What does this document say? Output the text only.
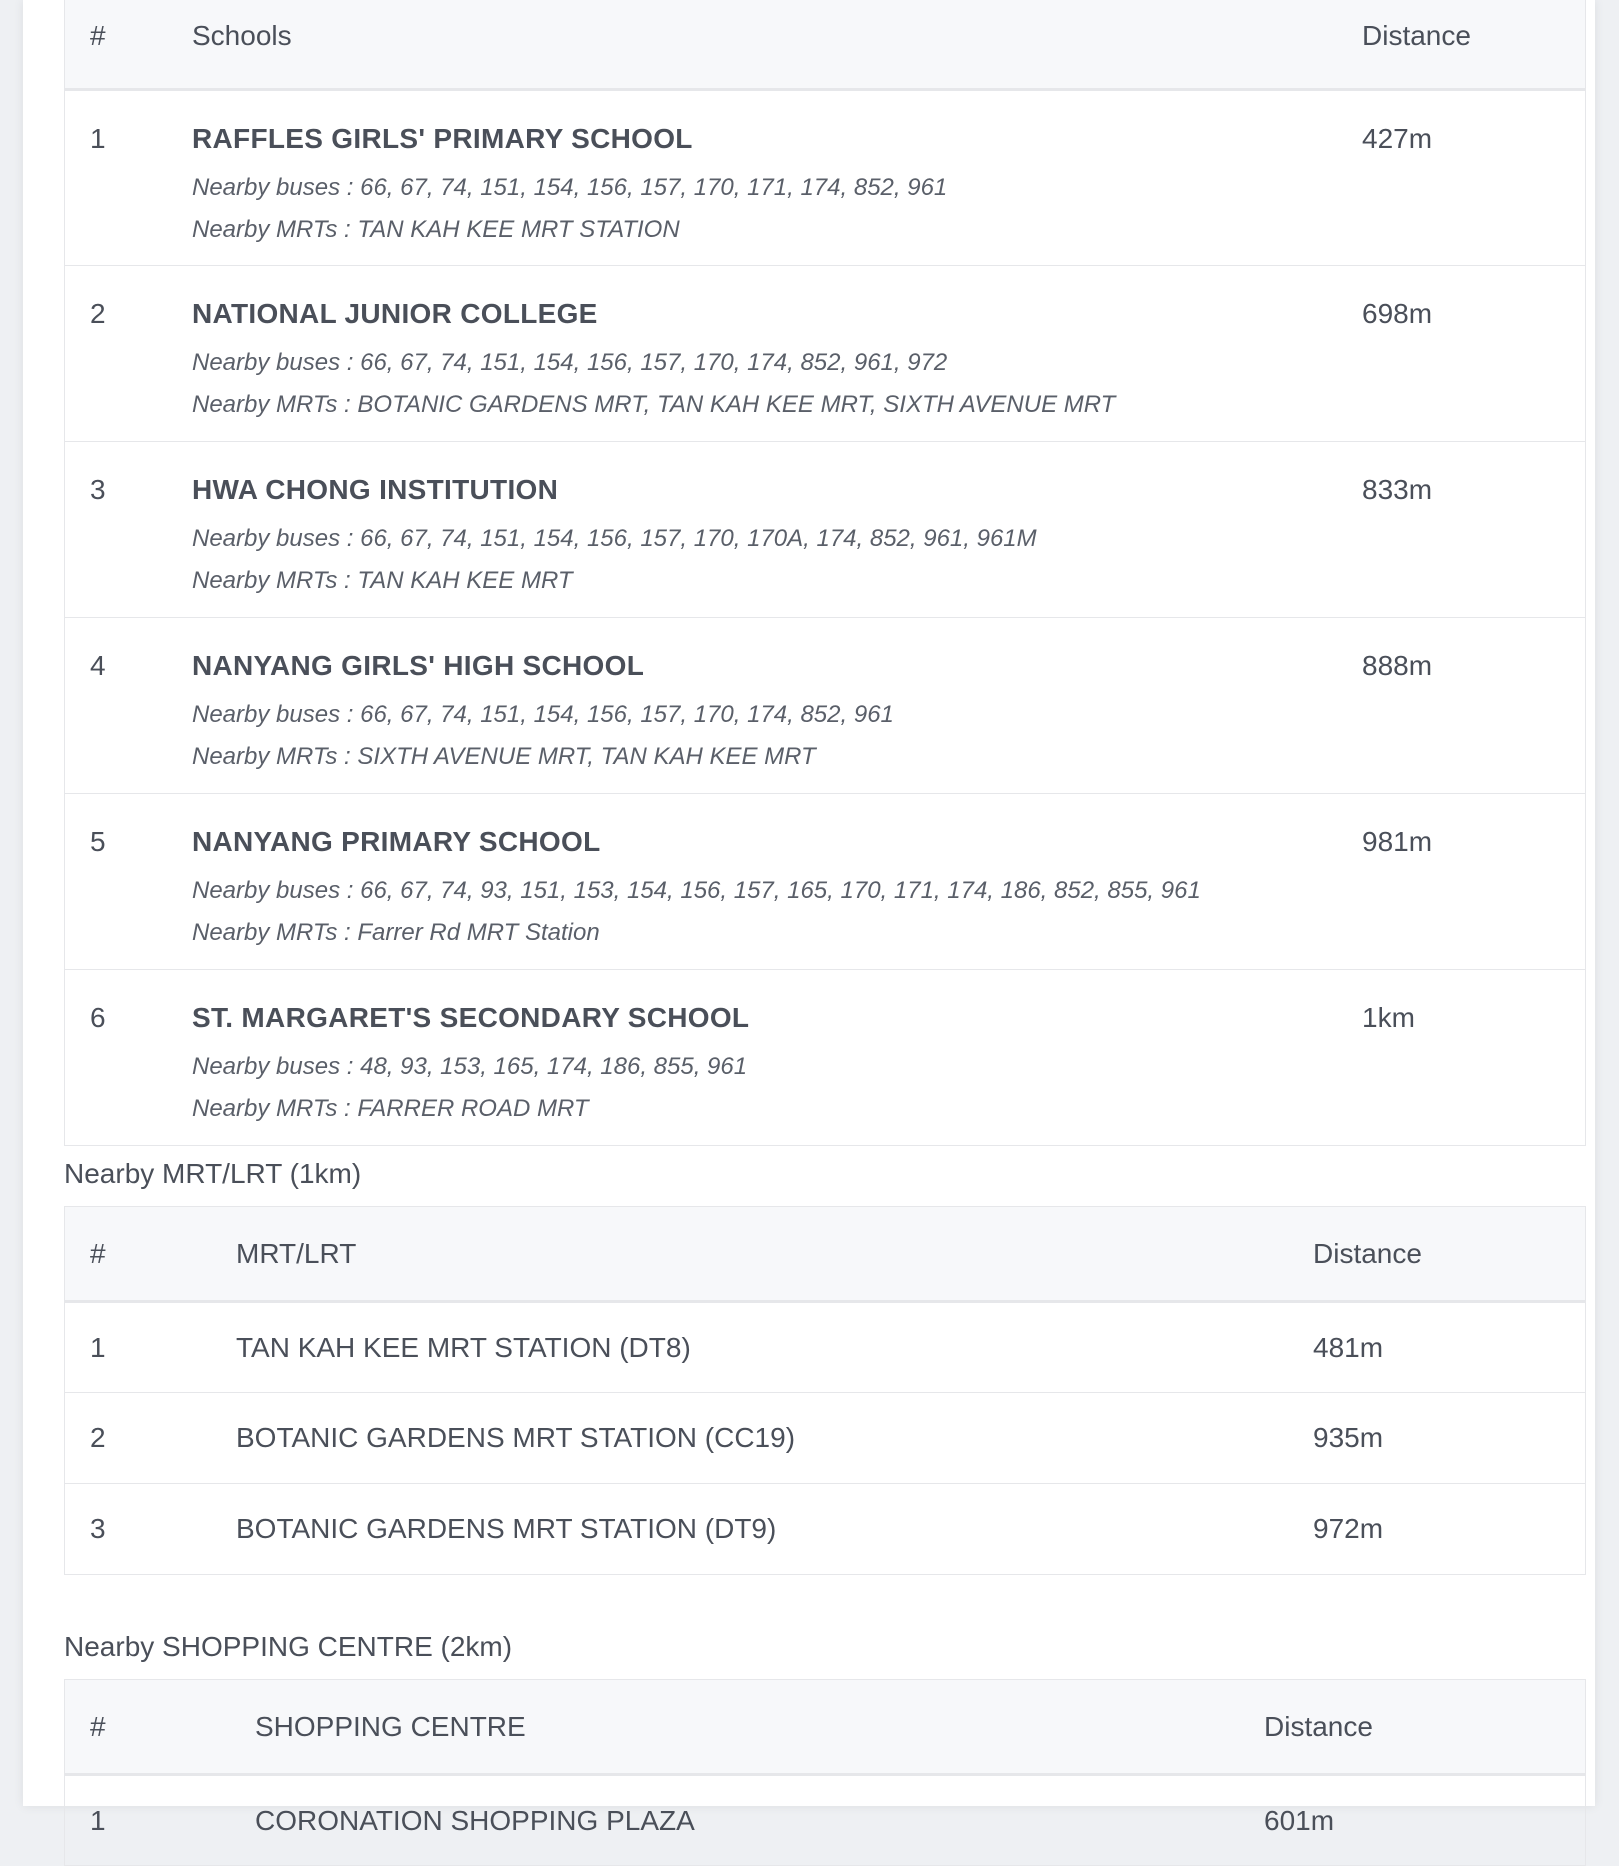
#	Schools	Distance
1	RAFFLES GIRLS' PRIMARY SCHOOL
Nearby buses : 66, 67, 74, 151, 154, 156, 157, 170, 171, 174, 852, 961
Nearby MRTs : TAN KAH KEE MRT STATION	427m
2	NATIONAL JUNIOR COLLEGE
Nearby buses : 66, 67, 74, 151, 154, 156, 157, 170, 174, 852, 961, 972
Nearby MRTs : BOTANIC GARDENS MRT, TAN KAH KEE MRT, SIXTH AVENUE MRT	698m
3	HWA CHONG INSTITUTION
Nearby buses : 66, 67, 74, 151, 154, 156, 157, 170, 170A, 174, 852, 961, 961M
Nearby MRTs : TAN KAH KEE MRT	833m
4	NANYANG GIRLS' HIGH SCHOOL
Nearby buses : 66, 67, 74, 151, 154, 156, 157, 170, 174, 852, 961
Nearby MRTs : SIXTH AVENUE MRT, TAN KAH KEE MRT	888m
5	NANYANG PRIMARY SCHOOL
Nearby buses : 66, 67, 74, 93, 151, 153, 154, 156, 157, 165, 170, 171, 174, 186, 852, 855, 961
Nearby MRTs : Farrer Rd MRT Station	981m
6	ST. MARGARET'S SECONDARY SCHOOL
Nearby buses : 48, 93, 153, 165, 174, 186, 855, 961
Nearby MRTs : FARRER ROAD MRT	1km
Nearby MRT/LRT (1km)
#	MRT/LRT	Distance
1	TAN KAH KEE MRT STATION (DT8)	481m
2	BOTANIC GARDENS MRT STATION (CC19)	935m
3	BOTANIC GARDENS MRT STATION (DT9)	972m
Nearby SHOPPING CENTRE (2km)
#	SHOPPING CENTRE	Distance
1	CORONATION SHOPPING PLAZA	601m
